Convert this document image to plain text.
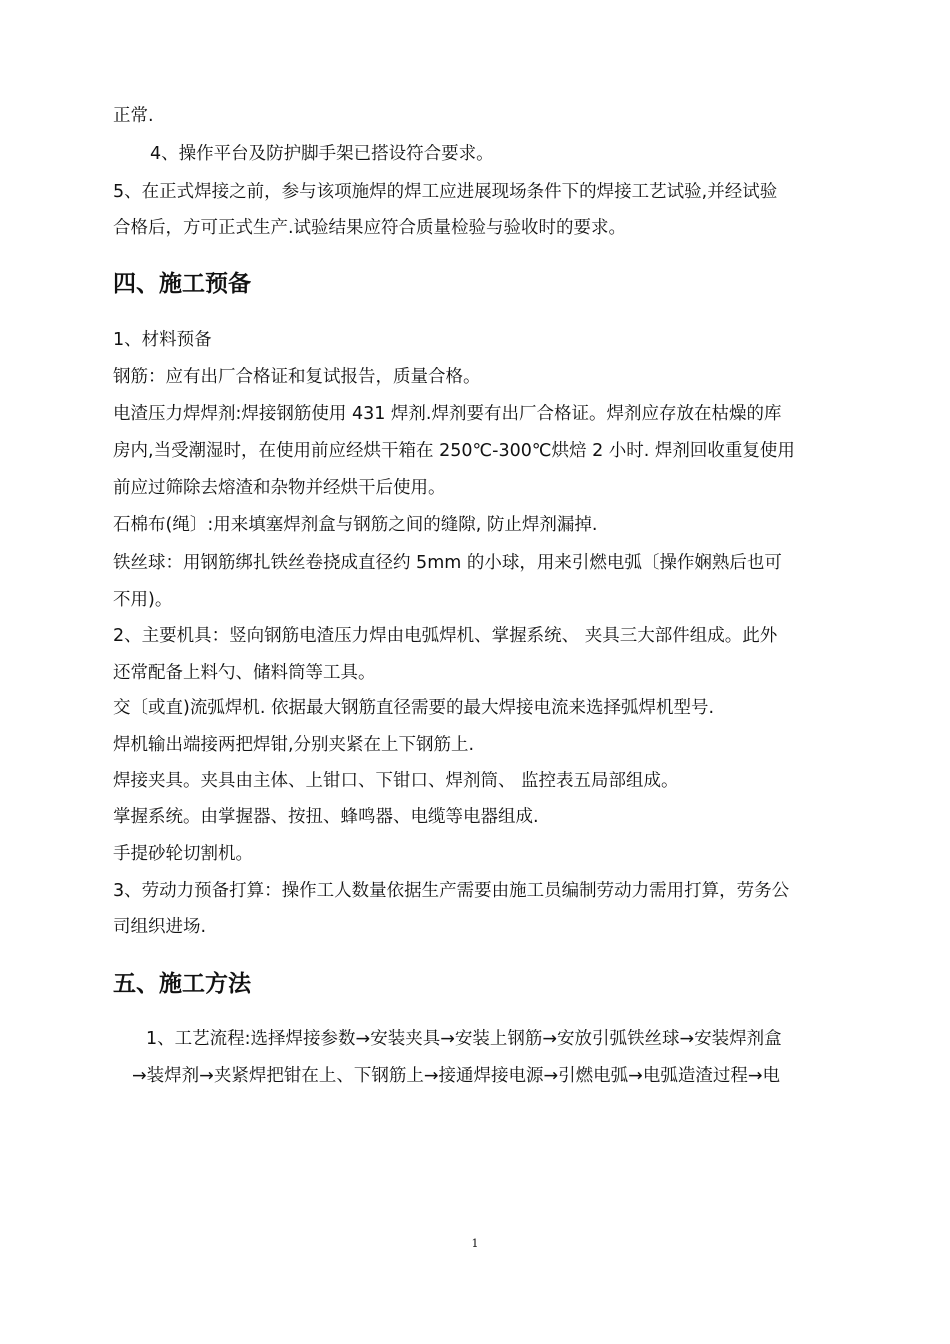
正常.
4、操作平台及防护脚手架已搭设符合要求。
5、在正式焊接之前，参与该项施焊的焊工应进展现场条件下的焊接工艺试验,并经试验
合格后，方可正式生产.试验结果应符合质量检验与验收时的要求。
四、施工预备
1、材料预备
钢筋：应有出厂合格证和复试报告，质量合格。
电渣压力焊焊剂:焊接钢筋使用 431 焊剂.焊剂要有出厂合格证。焊剂应存放在枯燥的库
房内,当受潮湿时，在使用前应经烘干箱在 250℃-300℃烘焙 2 小时. 焊剂回收重复使用
前应过筛除去熔渣和杂物并经烘干后使用。
石棉布(绳〕:用来填塞焊剂盒与钢筋之间的缝隙, 防止焊剂漏掉.
铁丝球：用钢筋绑扎铁丝卷挠成直径约 5mm 的小球，用来引燃电弧〔操作娴熟后也可
不用)。
2、主要机具：竖向钢筋电渣压力焊由电弧焊机、掌握系统、 夹具三大部件组成。此外
还常配备上料勺、储料筒等工具。
交〔或直)流弧焊机. 依据最大钢筋直径需要的最大焊接电流来选择弧焊机型号.
焊机输出端接两把焊钳,分别夹紧在上下钢筋上.
焊接夹具。夹具由主体、上钳口、下钳口、焊剂筒、 监控表五局部组成。
掌握系统。由掌握器、按扭、蜂鸣器、电缆等电器组成.
手提砂轮切割机。
3、劳动力预备打算：操作工人数量依据生产需要由施工员编制劳动力需用打算，劳务公
司组织进场.
五、施工方法
1、工艺流程:选择焊接参数→安装夹具→安装上钢筋→安放引弧铁丝球→安装焊剂盒
→装焊剂→夹紧焊把钳在上、下钢筋上→接通焊接电源→引燃电弧→电弧造渣过程→电
1
